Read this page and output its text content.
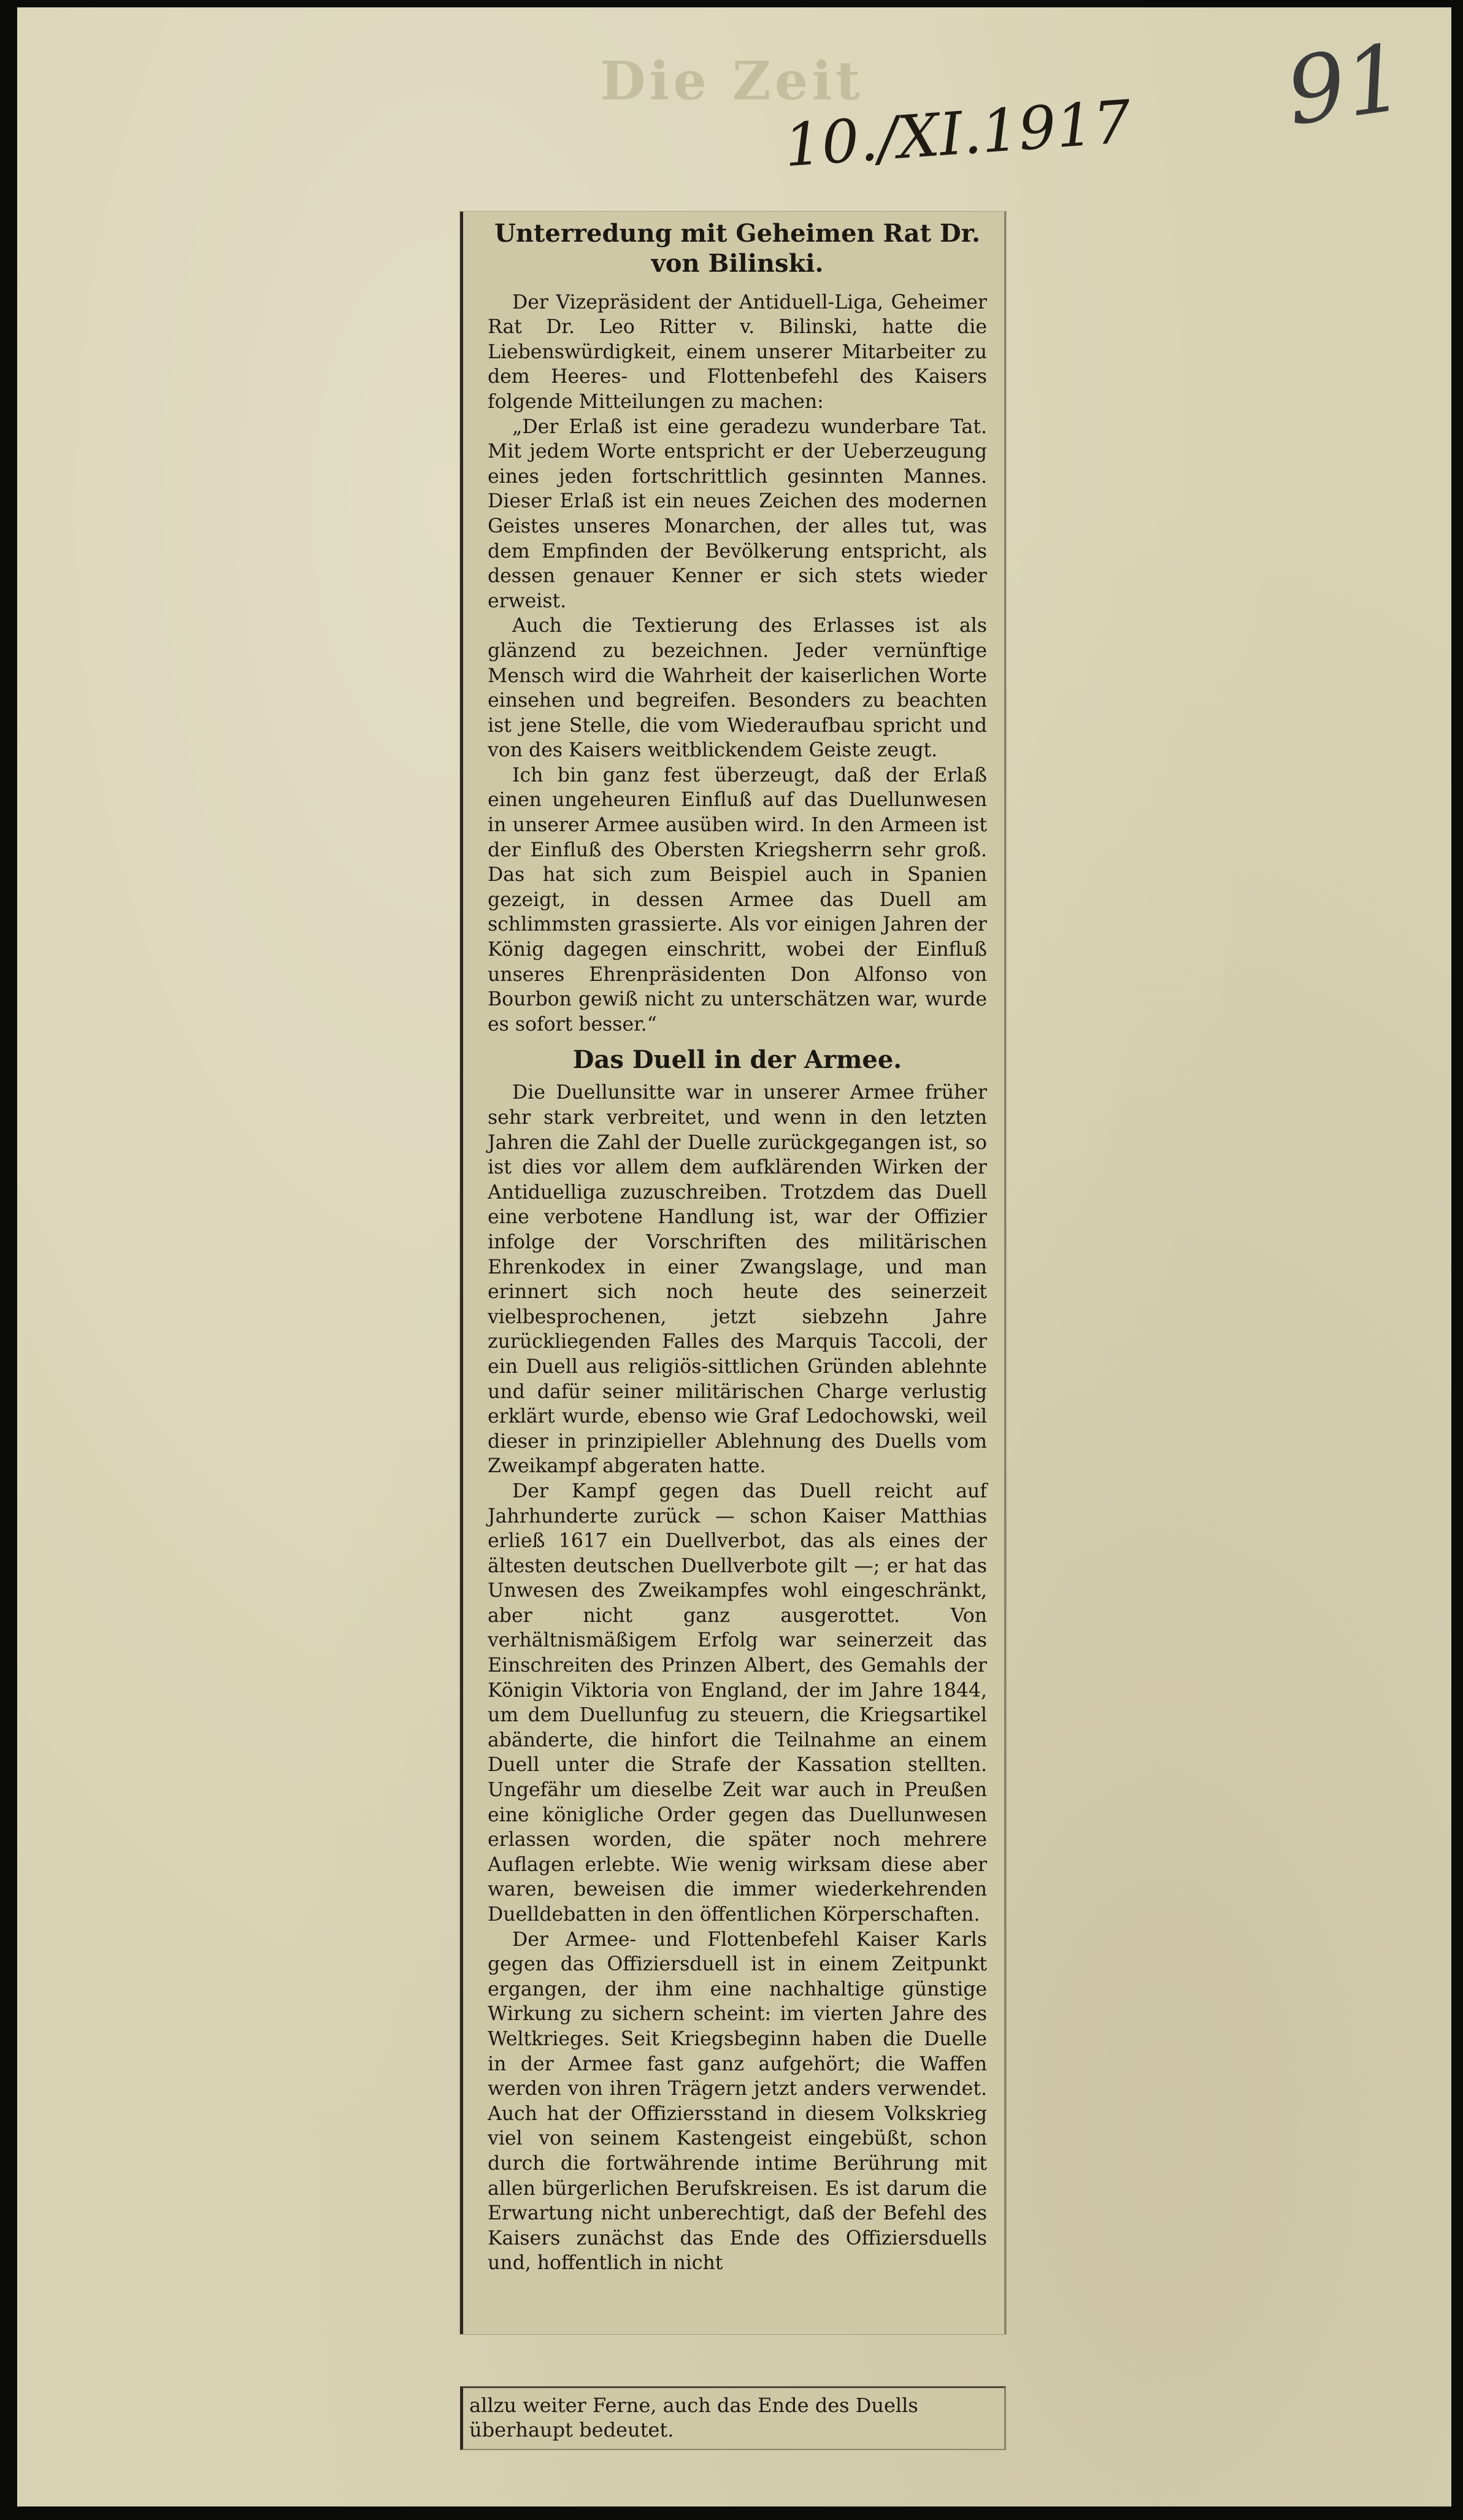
Die Zeit
10./XI.1917 91
Unterredung mit Geheimen Rat Dr. von Bilinski.

Der Vizepräsident der Antiduell-Liga, Geheimer Rat Dr. Leo Ritter v. Bilinski, hatte die Liebenswürdigkeit, einem unserer Mitarbeiter zu dem Heeres- und Flottenbefehl des Kaisers folgende Mitteilungen zu machen:

„Der Erlaß ist eine geradezu wunderbare Tat. Mit jedem Worte entspricht er der Ueberzeugung eines jeden fortschrittlich gesinnten Mannes. Dieser Erlaß ist ein neues Zeichen des modernen Geistes unseres Monarchen, der alles tut, was dem Empfinden der Bevölkerung entspricht, als dessen genauer Kenner er sich stets wieder erweist.

Auch die Textierung des Erlasses ist als glänzend zu bezeichnen. Jeder vernünftige Mensch wird die Wahrheit der kaiserlichen Worte einsehen und begreifen. Besonders zu beachten ist jene Stelle, die vom Wiederaufbau spricht und von des Kaisers weitblickendem Geiste zeugt.

Ich bin ganz fest überzeugt, daß der Erlaß einen ungeheuren Einfluß auf das Duellunwesen in unserer Armee ausüben wird. In den Armeen ist der Einfluß des Obersten Kriegsherrn sehr groß. Das hat sich zum Beispiel auch in Spanien gezeigt, in dessen Armee das Duell am schlimmsten grassierte. Als vor einigen Jahren der König dagegen einschritt, wobei der Einfluß unseres Ehrenpräsidenten Don Alfonso von Bourbon gewiß nicht zu unterschätzen war, wurde es sofort besser.“

Das Duell in der Armee.

Die Duellunsitte war in unserer Armee früher sehr stark verbreitet, und wenn in den letzten Jahren die Zahl der Duelle zurückgegangen ist, so ist dies vor allem dem aufklärenden Wirken der Antiduelliga zuzuschreiben. Trotzdem das Duell eine verbotene Handlung ist, war der Offizier infolge der Vorschriften des militärischen Ehrenkodex in einer Zwangslage, und man erinnert sich noch heute des seinerzeit vielbesprochenen, jetzt siebzehn Jahre zurückliegenden Falles des Marquis Taccoli, der ein Duell aus religiös-sittlichen Gründen ablehnte und dafür seiner militärischen Charge verlustig erklärt wurde, ebenso wie Graf Ledochowski, weil dieser in prinzipieller Ablehnung des Duells vom Zweikampf abgeraten hatte.

Der Kampf gegen das Duell reicht auf Jahrhunderte zurück — schon Kaiser Matthias erließ 1617 ein Duellverbot, das als eines der ältesten deutschen Duellverbote gilt —; er hat das Unwesen des Zweikampfes wohl eingeschränkt, aber nicht ganz ausgerottet. Von verhältnismäßigem Erfolg war seinerzeit das Einschreiten des Prinzen Albert, des Gemahls der Königin Viktoria von England, der im Jahre 1844, um dem Duellunfug zu steuern, die Kriegsartikel abänderte, die hinfort die Teilnahme an einem Duell unter die Strafe der Kassation stellten. Ungefähr um dieselbe Zeit war auch in Preußen eine königliche Order gegen das Duellunwesen erlassen worden, die später noch mehrere Auflagen erlebte. Wie wenig wirksam diese aber waren, beweisen die immer wiederkehrenden Duelldebatten in den öffentlichen Körperschaften.

Der Armee- und Flottenbefehl Kaiser Karls gegen das Offiziersduell ist in einem Zeitpunkt ergangen, der ihm eine nachhaltige günstige Wirkung zu sichern scheint: im vierten Jahre des Weltkrieges. Seit Kriegsbeginn haben die Duelle in der Armee fast ganz aufgehört; die Waffen werden von ihren Trägern jetzt anders verwendet. Auch hat der Offiziersstand in diesem Volkskrieg viel von seinem Kastengeist eingebüßt, schon durch die fortwährende intime Berührung mit allen bürgerlichen Berufskreisen. Es ist darum die Erwartung nicht unberechtigt, daß der Befehl des Kaisers zunächst das Ende des Offiziersduells und, hoffentlich in nicht

allzu weiter Ferne, auch das Ende des Duells überhaupt bedeutet.
